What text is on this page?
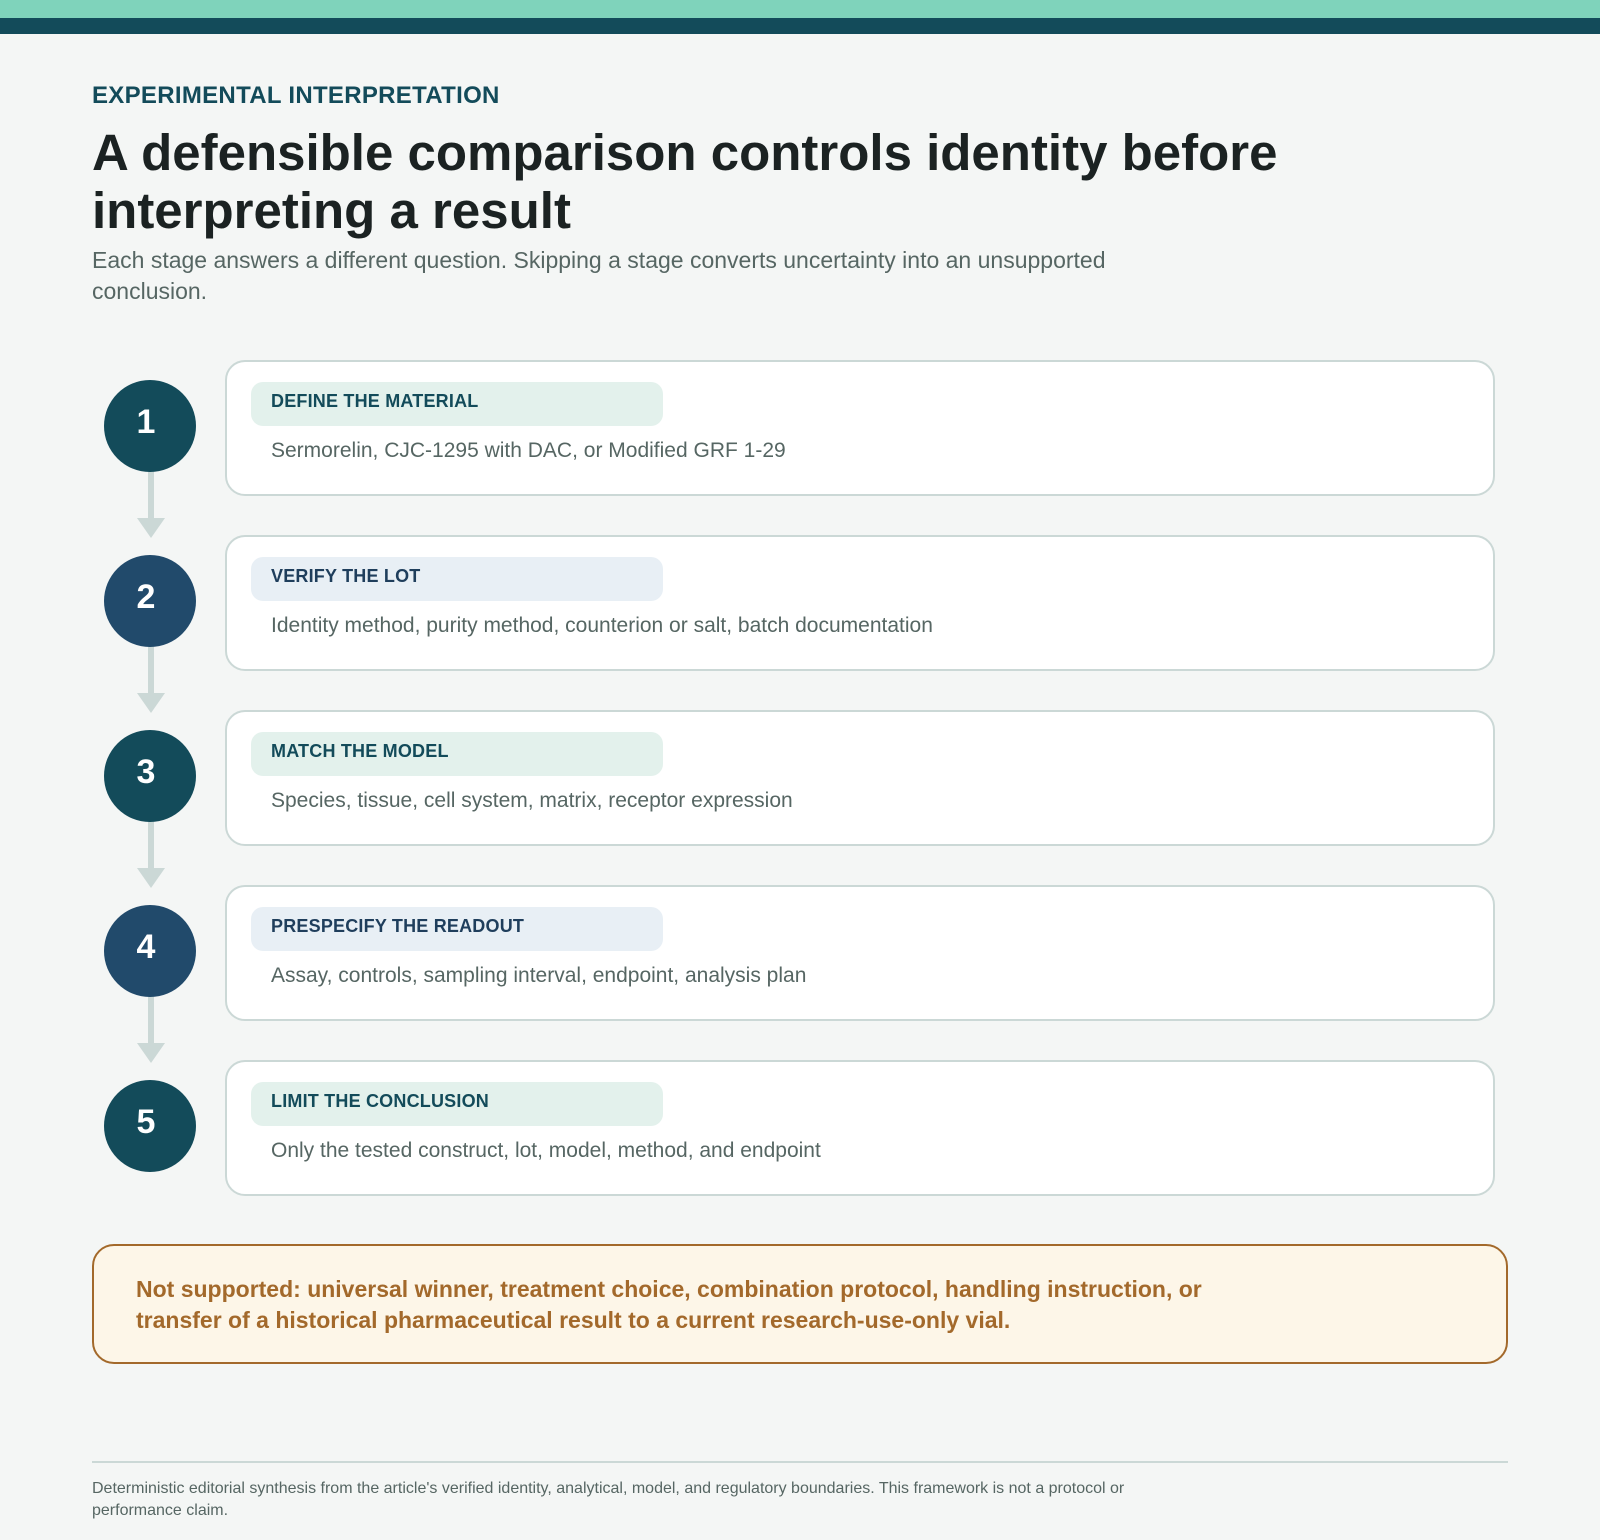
EXPERIMENTAL INTERPRETATION
A defensible comparison controls identity before interpreting a result

Each stage answers a different question. Skipping a stage converts uncertainty into an unsupported conclusion.

1
DEFINE THE MATERIAL
Sermorelin, CJC-1295 with DAC, or Modified GRF 1-29
2
VERIFY THE LOT
Identity method, purity method, counterion or salt, batch documentation
3
MATCH THE MODEL
Species, tissue, cell system, matrix, receptor expression
4
PRESPECIFY THE READOUT
Assay, controls, sampling interval, endpoint, analysis plan
5
LIMIT THE CONCLUSION
Only the tested construct, lot, model, method, and endpoint
Not supported: universal winner, treatment choice, combination protocol, handling instruction, or transfer of a historical pharmaceutical result to a current research-use-only vial.
Deterministic editorial synthesis from the article's verified identity, analytical, model, and regulatory boundaries. This framework is not a protocol or performance claim.
